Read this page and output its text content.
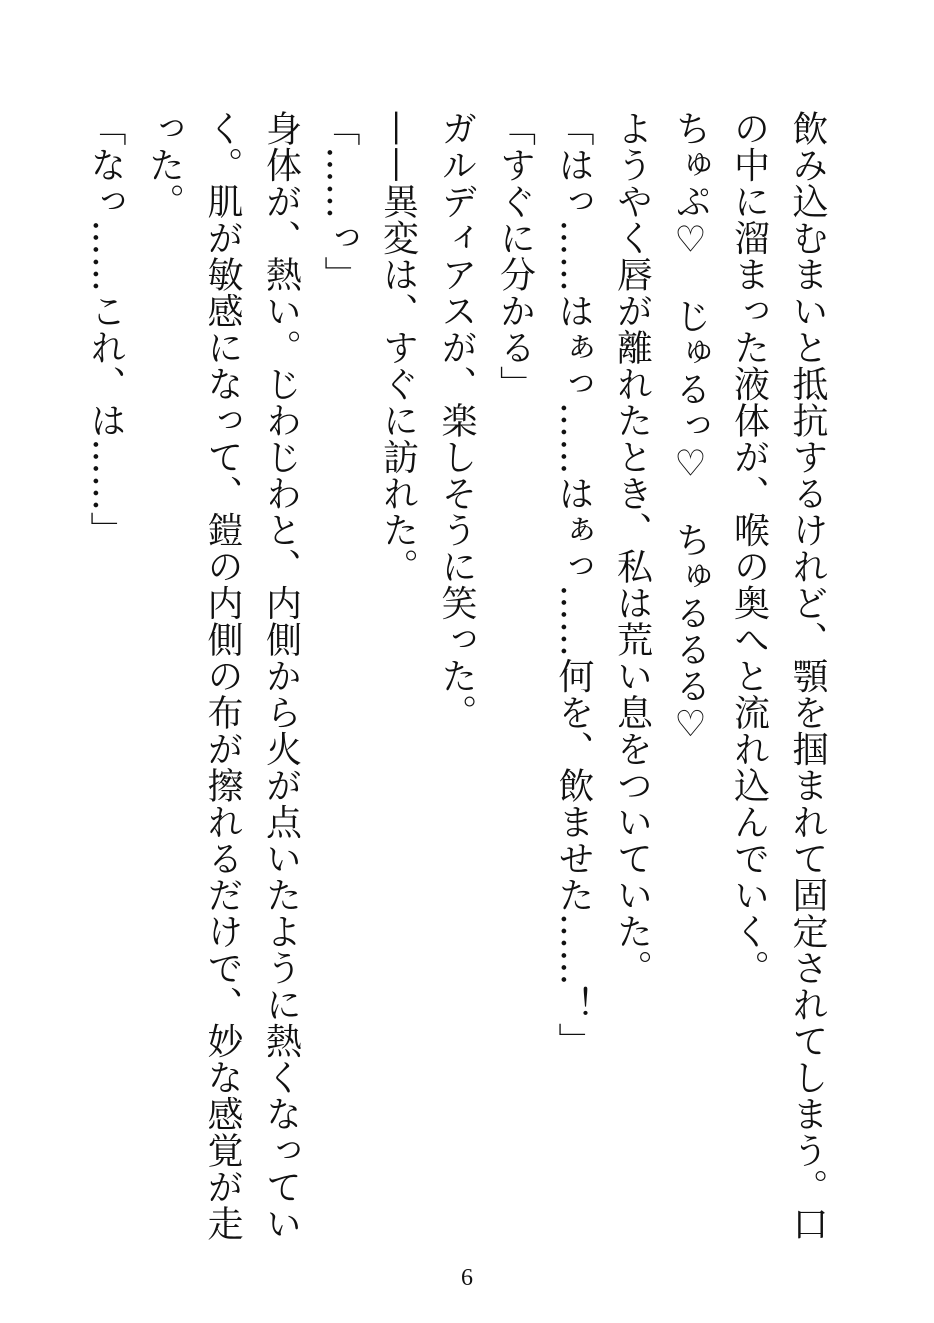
飲み込むまいと抵抗するけれど、顎を掴まれて固定されてしまう。口の中に溜まった液体が、喉の奥へと流れ込んでいく。

ちゅぷ♡　じゅるっ♡　ちゅるるる♡

ようやく唇が離れたとき、私は荒い息をついていた。

「はっ……はぁっ……はぁっ……何を、飲ませた……！」

「すぐに分かる」

ガルディアスが、楽しそうに笑った。

——異変は、すぐに訪れた。

「……っ」

身体が、熱い。じわじわと、内側から火が点いたように熱くなっていく。肌が敏感になって、鎧の内側の布が擦れるだけで、妙な感覚が走った。

「なっ……これ、は……」

6
